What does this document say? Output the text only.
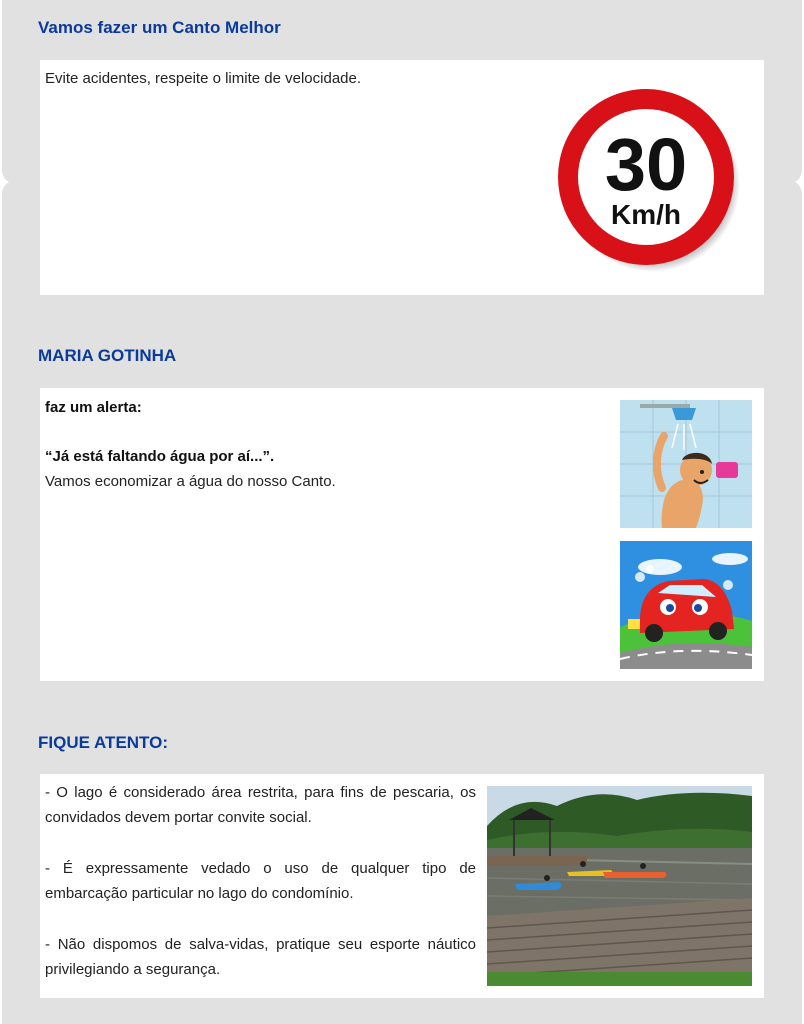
Vamos fazer um Canto Melhor
Evite acidentes, respeite o limite de velocidade.
30
Km/h
MARIA GOTINHA
faz um alerta:
“Já está faltando água por aí...”.
Vamos economizar a água do nosso Canto.
FIQUE ATENTO:
- O lago é considerado área restrita, para fins de pescaria, os convidados devem portar convite social.
- É expressamente vedado o uso de qualquer tipo de embarcação particular no lago do condomínio.
- Não dispomos de salva-vidas, pratique seu esporte náutico privilegiando a segurança.
